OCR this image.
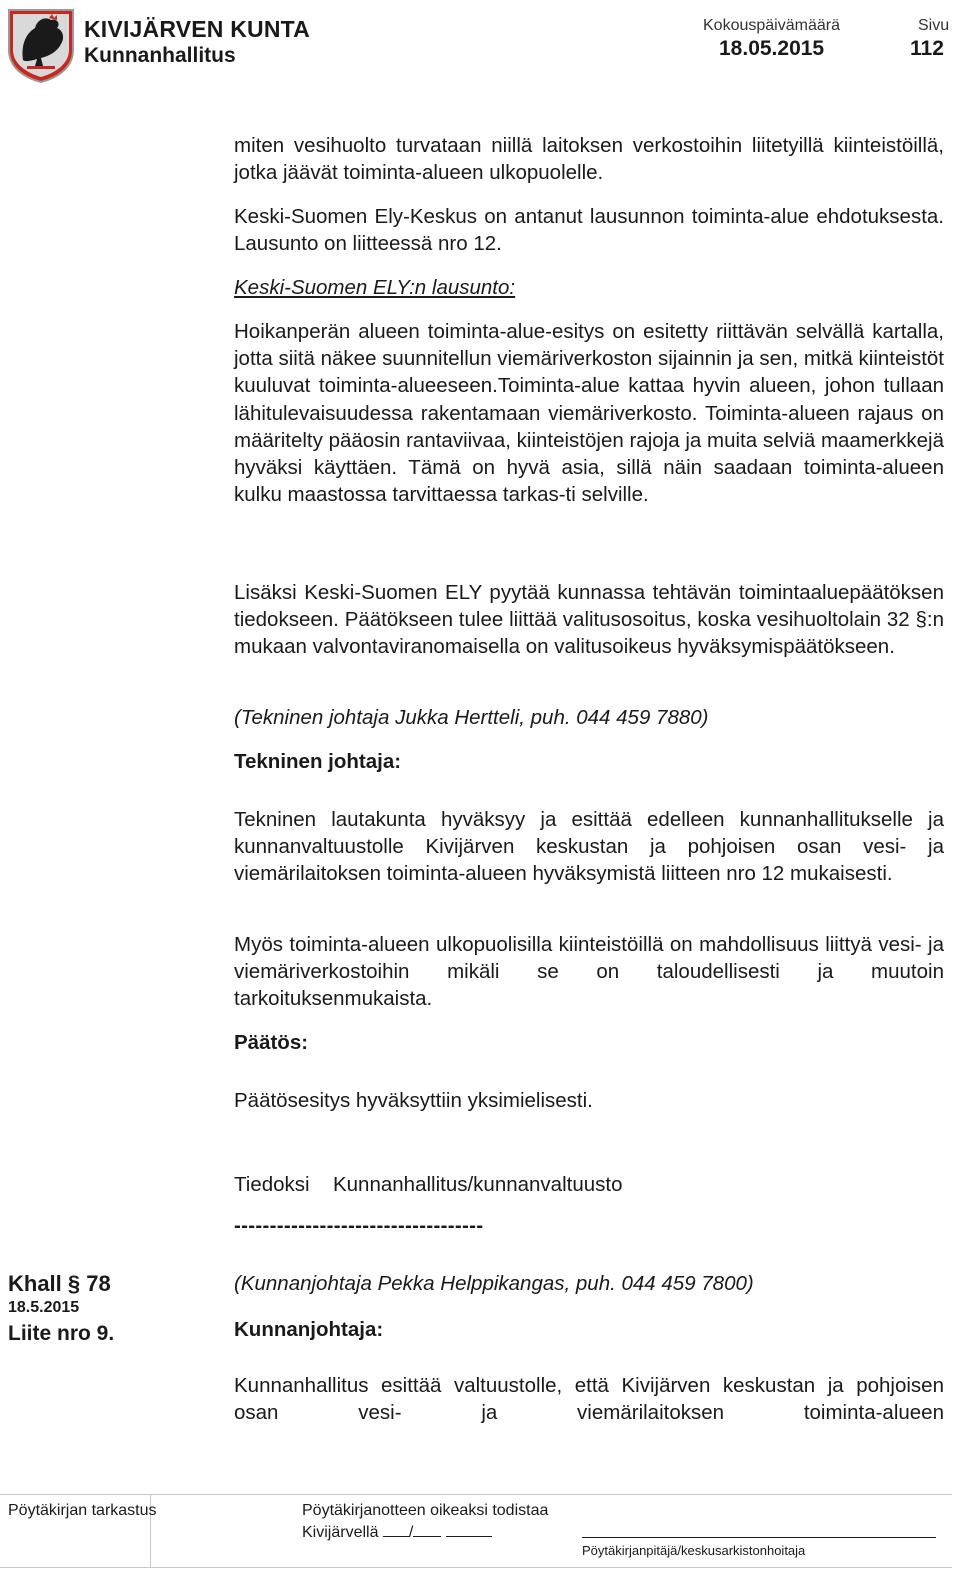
KIVIJÄRVEN KUNTA
Kunnanhallitus
Kokouspäivämäärä
18.05.2015
Sivu
112

miten vesihuolto turvataan niillä laitoksen verkostoihin liitetyillä kiinteistöillä, jotka jäävät toiminta-alueen ulkopuolelle.

Keski-Suomen Ely-Keskus on antanut lausunnon toiminta-alue ehdotuksesta. Lausunto on liitteessä nro 12.

Keski-Suomen ELY:n lausunto:

Hoikanperän alueen toiminta-alue-esitys on esitetty riittävän selvällä kartalla, jotta siitä näkee suunnitellun viemäriverkoston sijainnin ja sen, mitkä kiinteistöt kuuluvat toiminta-alueeseen.Toiminta-alue kattaa hyvin alueen, johon tullaan lähitulevaisuudessa rakentamaan viemäriverkosto. Toiminta-alueen rajaus on määritelty pääosin rantaviivaa, kiinteistöjen rajoja ja muita selviä maamerkkejä hyväksi käyttäen. Tämä on hyvä asia, sillä näin saadaan toiminta-alueen kulku maastossa tarvittaessa tarkas-ti selville.

Lisäksi Keski-Suomen ELY pyytää kunnassa tehtävän toimintaaluepäätöksen tiedokseen. Päätökseen tulee liittää valitusosoitus, koska vesihuoltolain 32 §:n mukaan valvontaviranomaisella on valitusoikeus hyväksymispäätökseen.

(Tekninen johtaja Jukka Hertteli, puh. 044 459 7880)

Tekninen johtaja:

Tekninen lautakunta hyväksyy ja esittää edelleen kunnanhallitukselle ja kunnanvaltuustolle Kivijärven keskustan ja pohjoisen osan vesi- ja viemärilaitoksen toiminta-alueen hyväksymistä liitteen nro 12 mukaisesti.

Myös toiminta-alueen ulkopuolisilla kiinteistöillä on mahdollisuus liittyä vesi- ja viemäriverkostoihin mikäli se on taloudellisesti ja muutoin tarkoituksenmukaista.

Päätös:

Päätösesitys hyväksyttiin yksimielisesti.

Tiedoksi Kunnanhallitus/kunnanvaltuusto
-----------------------------------
Khall § 78
18.5.2015
Liite nro 9.

(Kunnanjohtaja Pekka Helppikangas, puh. 044 459 7800)

Kunnanjohtaja:

Kunnanhallitus esittää valtuustolle, että Kivijärven keskustan ja pohjoisen osan vesi- ja viemärilaitoksen toiminta-alueen

Pöytäkirjan tarkastus	Pöytäkirjanotteen oikeaksi todistaa
Kivijärvellä /
Pöytäkirjanpitäjä/keskusarkistonhoitaja
